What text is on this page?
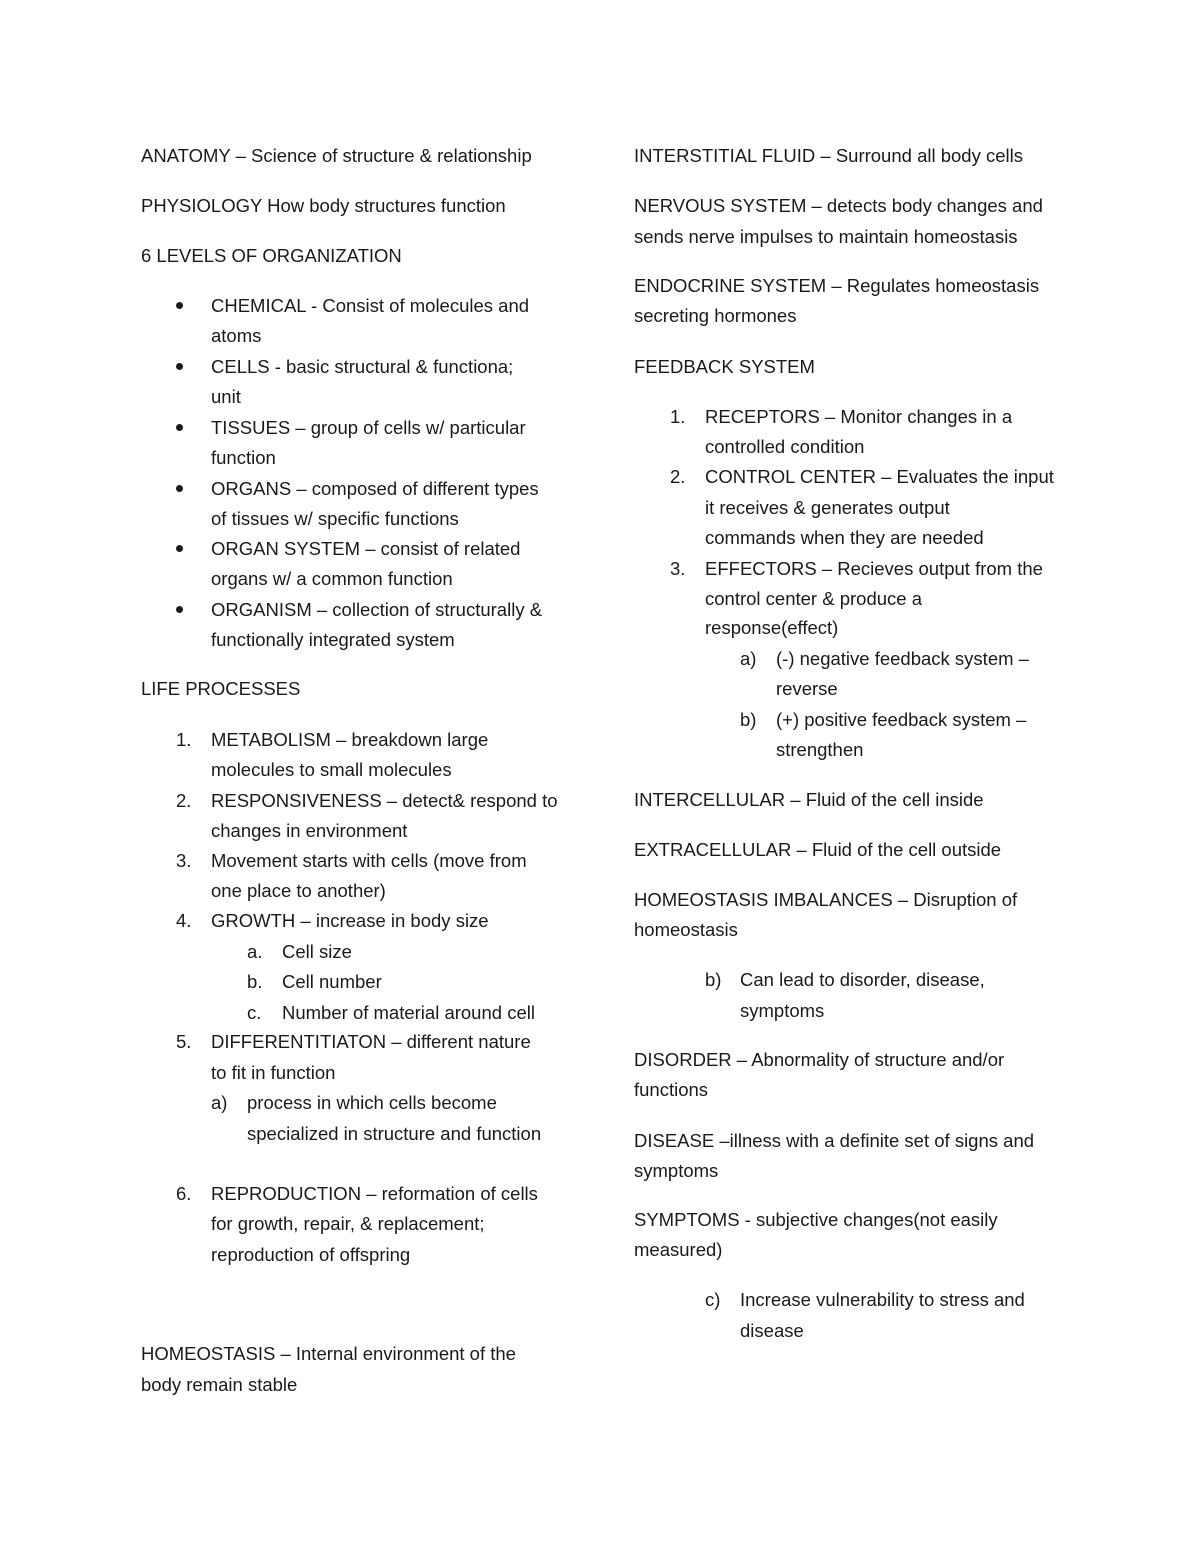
ANATOMY – Science of structure & relationship
PHYSIOLOGY How body structures function
6 LEVELS OF ORGANIZATION
CHEMICAL - Consist of molecules and
atoms
CELLS - basic structural & functiona;
unit
TISSUES – group of cells w/ particular
function
ORGANS – composed of different types
of tissues w/ specific functions
ORGAN SYSTEM – consist of related
organs w/ a common function
ORGANISM – collection of structurally &
functionally integrated system
LIFE PROCESSES
1. METABOLISM – breakdown large
molecules to small molecules
2. RESPONSIVENESS – detect& respond to
changes in environment
3. Movement starts with cells (move from
one place to another)
4. GROWTH – increase in body size
a. Cell size
b. Cell number
c. Number of material around cell
5. DIFFERENTITIATON – different nature
to fit in function
a) process in which cells become
specialized in structure and function
6. REPRODUCTION – reformation of cells
for growth, repair, & replacement;
reproduction of offspring
HOMEOSTASIS – Internal environment of the
body remain stable
INTERSTITIAL FLUID – Surround all body cells
NERVOUS SYSTEM – detects body changes and
sends nerve impulses to maintain homeostasis
ENDOCRINE SYSTEM – Regulates homeostasis
secreting hormones
FEEDBACK SYSTEM
1. RECEPTORS – Monitor changes in a
controlled condition
2. CONTROL CENTER – Evaluates the input
it receives & generates output
commands when they are needed
3. EFFECTORS – Recieves output from the
control center & produce a
response(effect)
a) (-) negative feedback system –
reverse
b) (+) positive feedback system –
strengthen
INTERCELLULAR – Fluid of the cell inside
EXTRACELLULAR – Fluid of the cell outside
HOMEOSTASIS IMBALANCES – Disruption of
homeostasis
b) Can lead to disorder, disease,
symptoms
DISORDER – Abnormality of structure and/or
functions
DISEASE –illness with a definite set of signs and
symptoms
SYMPTOMS - subjective changes(not easily
measured)
c) Increase vulnerability to stress and
disease
